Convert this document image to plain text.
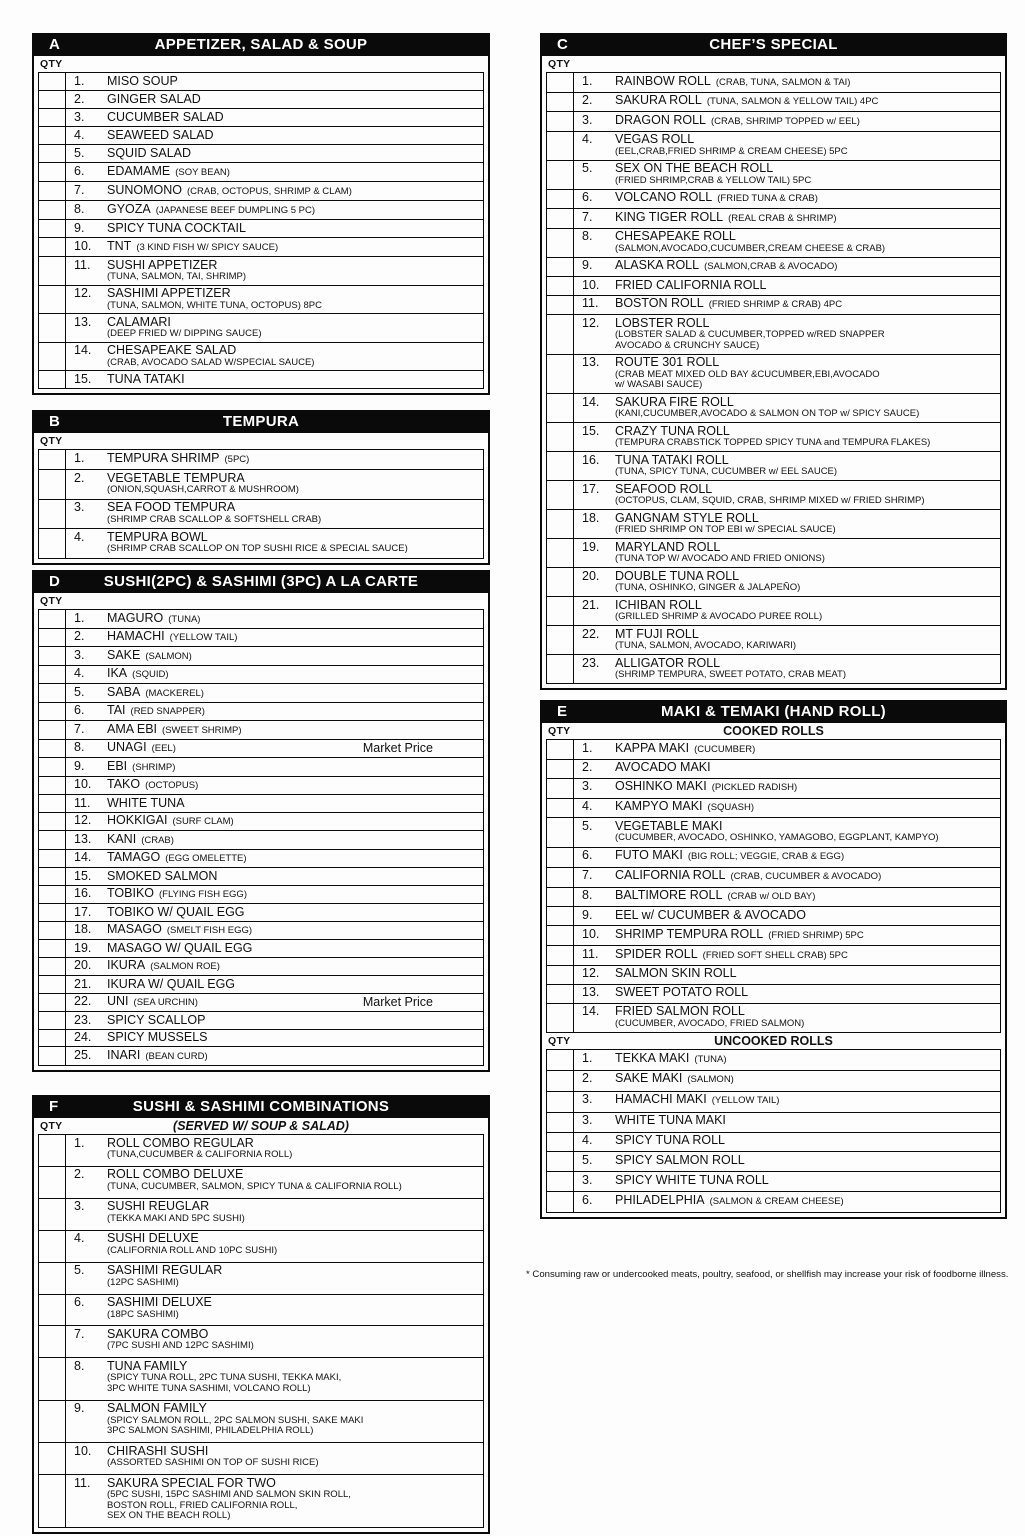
A	APPETIZER, SALAD & SOUP
QTY
1.	MISO SOUP
2.	GINGER SALAD
3.	CUCUMBER SALAD
4.	SEAWEED SALAD
5.	SQUID SALAD
6.	EDAMAME (SOY BEAN)
7.	SUNOMONO (CRAB, OCTOPUS, SHRIMP & CLAM)
8.	GYOZA (JAPANESE BEEF DUMPLING 5 PC)
9.	SPICY TUNA COCKTAIL
10.	TNT (3 KIND FISH W/ SPICY SAUCE)
11.	SUSHI APPETIZER
(TUNA, SALMON, TAI, SHRIMP)
12.	SASHIMI APPETIZER
(TUNA, SALMON, WHITE TUNA, OCTOPUS) 8PC
13.	CALAMARI
(DEEP FRIED W/ DIPPING SAUCE)
14.	CHESAPEAKE SALAD
(CRAB, AVOCADO SALAD W/SPECIAL SAUCE)
15.	TUNA TATAKI
B	TEMPURA
QTY
1.	TEMPURA SHRIMP (5PC)
2.	VEGETABLE TEMPURA
(ONION,SQUASH,CARROT & MUSHROOM)
3.	SEA FOOD TEMPURA
(SHRIMP CRAB SCALLOP & SOFTSHELL CRAB)
4.	TEMPURA BOWL
(SHRIMP CRAB SCALLOP ON TOP SUSHI RICE & SPECIAL SAUCE)
D	SUSHI(2PC) & SASHIMI (3PC) A LA CARTE
QTY
1.	MAGURO (TUNA)
2.	HAMACHI (YELLOW TAIL)
3.	SAKE (SALMON)
4.	IKA (SQUID)
5.	SABA (MACKEREL)
6.	TAI (RED SNAPPER)
7.	AMA EBI (SWEET SHRIMP)
8.	UNAGI (EEL)	Market Price
9.	EBI (SHRIMP)
10.	TAKO (OCTOPUS)
11.	WHITE TUNA
12.	HOKKIGAI (SURF CLAM)
13.	KANI (CRAB)
14.	TAMAGO (EGG OMELETTE)
15.	SMOKED SALMON
16.	TOBIKO (FLYING FISH EGG)
17.	TOBIKO W/ QUAIL EGG
18.	MASAGO (SMELT FISH EGG)
19.	MASAGO W/ QUAIL EGG
20.	IKURA (SALMON ROE)
21.	IKURA W/ QUAIL EGG
22.	UNI (SEA URCHIN)	Market Price
23.	SPICY SCALLOP
24.	SPICY MUSSELS
25.	INARI (BEAN CURD)
F	SUSHI & SASHIMI COMBINATIONS
QTY	(SERVED W/ SOUP & SALAD)
1.	ROLL COMBO REGULAR
(TUNA,CUCUMBER & CALIFORNIA ROLL)
2.	ROLL COMBO DELUXE
(TUNA, CUCUMBER, SALMON, SPICY TUNA & CALIFORNIA ROLL)
3.	SUSHI REUGLAR
(TEKKA MAKI AND 5PC SUSHI)
4.	SUSHI DELUXE
(CALIFORNIA ROLL AND 10PC SUSHI)
5.	SASHIMI REGULAR
(12PC SASHIMI)
6.	SASHIMI DELUXE
(18PC SASHIMI)
7.	SAKURA COMBO
(7PC SUSHI AND 12PC SASHIMI)
8.	TUNA FAMILY
(SPICY TUNA ROLL, 2PC TUNA SUSHI, TEKKA MAKI,
3PC WHITE TUNA SASHIMI, VOLCANO ROLL)
9.	SALMON FAMILY
(SPICY SALMON ROLL, 2PC SALMON SUSHI, SAKE MAKI
3PC SALMON SASHIMI, PHILADELPHIA ROLL)
10.	CHIRASHI SUSHI
(ASSORTED SASHIMI ON TOP OF SUSHI RICE)
11.	SAKURA SPECIAL FOR TWO
(5PC SUSHI, 15PC SASHIMI AND SALMON SKIN ROLL,
BOSTON ROLL, FRIED CALIFORNIA ROLL,
SEX ON THE BEACH ROLL)
C	CHEF’S SPECIAL
QTY
1.	RAINBOW ROLL (CRAB, TUNA, SALMON & TAI)
2.	SAKURA ROLL (TUNA, SALMON & YELLOW TAIL) 4PC
3.	DRAGON ROLL (CRAB, SHRIMP TOPPED w/ EEL)
4.	VEGAS ROLL
(EEL,CRAB,FRIED SHRIMP & CREAM CHEESE) 5PC
5.	SEX ON THE BEACH ROLL
(FRIED SHRIMP,CRAB & YELLOW TAIL) 5PC
6.	VOLCANO ROLL (FRIED TUNA & CRAB)
7.	KING TIGER ROLL (REAL CRAB & SHRIMP)
8.	CHESAPEAKE ROLL
(SALMON,AVOCADO,CUCUMBER,CREAM CHEESE & CRAB)
9.	ALASKA ROLL (SALMON,CRAB & AVOCADO)
10.	FRIED CALIFORNIA ROLL
11.	BOSTON ROLL (FRIED SHRIMP & CRAB) 4PC
12.	LOBSTER ROLL
(LOBSTER SALAD & CUCUMBER,TOPPED w/RED SNAPPER
AVOCADO & CRUNCHY SAUCE)
13.	ROUTE 301 ROLL
(CRAB MEAT MIXED OLD BAY &CUCUMBER,EBI,AVOCADO
w/ WASABI SAUCE)
14.	SAKURA FIRE ROLL
(KANI,CUCUMBER,AVOCADO & SALMON ON TOP w/ SPICY SAUCE)
15.	CRAZY TUNA ROLL
(TEMPURA CRABSTICK TOPPED SPICY TUNA and TEMPURA FLAKES)
16.	TUNA TATAKI ROLL
(TUNA, SPICY TUNA, CUCUMBER w/ EEL SAUCE)
17.	SEAFOOD ROLL
(OCTOPUS, CLAM, SQUID, CRAB, SHRIMP MIXED w/ FRIED SHRIMP)
18.	GANGNAM STYLE ROLL
(FRIED SHRIMP ON TOP EBI w/ SPECIAL SAUCE)
19.	MARYLAND ROLL
(TUNA TOP W/ AVOCADO AND FRIED ONIONS)
20.	DOUBLE TUNA ROLL
(TUNA, OSHINKO, GINGER & JALAPEÑO)
21.	ICHIBAN ROLL
(GRILLED SHRIMP & AVOCADO PUREE ROLL)
22.	MT FUJI ROLL
(TUNA, SALMON, AVOCADO, KARIWARI)
23.	ALLIGATOR ROLL
(SHRIMP TEMPURA, SWEET POTATO, CRAB MEAT)
E	MAKI & TEMAKI (HAND ROLL)
QTY	COOKED ROLLS
1.	KAPPA MAKI (CUCUMBER)
2.	AVOCADO MAKI
3.	OSHINKO MAKI (PICKLED RADISH)
4.	KAMPYO MAKI (SQUASH)
5.	VEGETABLE MAKI
(CUCUMBER, AVOCADO, OSHINKO, YAMAGOBO, EGGPLANT, KAMPYO)
6.	FUTO MAKI (BIG ROLL; VEGGIE, CRAB & EGG)
7.	CALIFORNIA ROLL (CRAB, CUCUMBER & AVOCADO)
8.	BALTIMORE ROLL (CRAB w/ OLD BAY)
9.	EEL w/ CUCUMBER & AVOCADO
10.	SHRIMP TEMPURA ROLL (FRIED SHRIMP) 5PC
11.	SPIDER ROLL (FRIED SOFT SHELL CRAB) 5PC
12.	SALMON SKIN ROLL
13.	SWEET POTATO ROLL
14.	FRIED SALMON ROLL
(CUCUMBER, AVOCADO, FRIED SALMON)
QTY	UNCOOKED ROLLS
1.	TEKKA MAKI (TUNA)
2.	SAKE MAKI (SALMON)
3.	HAMACHI MAKI (YELLOW TAIL)
3.	WHITE TUNA MAKI
4.	SPICY TUNA ROLL
5.	SPICY SALMON ROLL
3.	SPICY WHITE TUNA ROLL
6.	PHILADELPHIA (SALMON & CREAM CHEESE)
* Consuming raw or undercooked meats, poultry, seafood, or shellfish may increase your risk of foodborne illness.
